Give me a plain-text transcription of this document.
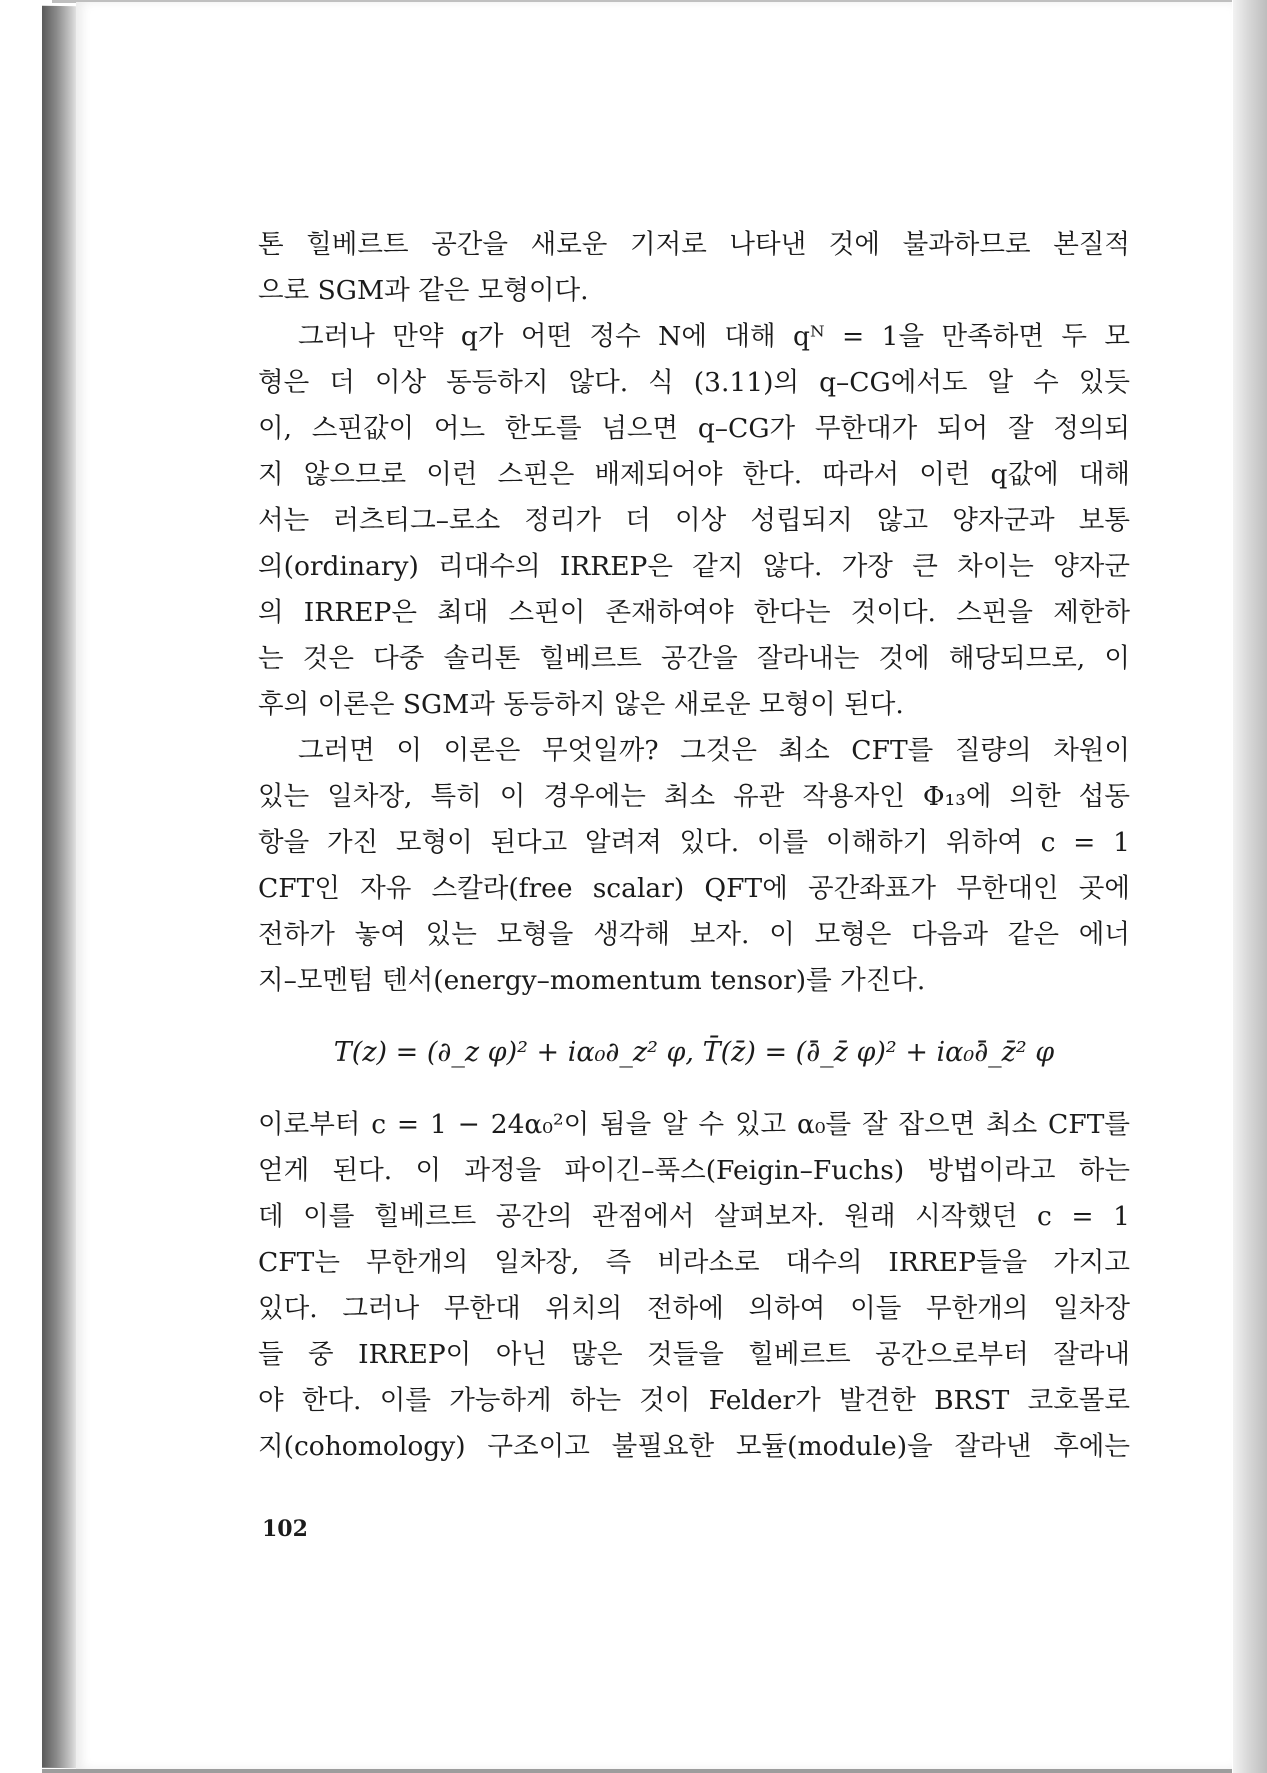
톤 힐베르트 공간을 새로운 기저로 나타낸 것에 불과하므로 본질적
으로 SGM과 같은 모형이다.
그러나 만약 q가 어떤 정수 N에 대해 qᴺ = 1을 만족하면 두 모
형은 더 이상 동등하지 않다. 식 (3.11)의 q–CG에서도 알 수 있듯
이, 스핀값이 어느 한도를 넘으면 q–CG가 무한대가 되어 잘 정의되
지 않으므로 이런 스핀은 배제되어야 한다. 따라서 이런 q값에 대해
서는 러츠티그–로소 정리가 더 이상 성립되지 않고 양자군과 보통
의(ordinary) 리대수의 IRREP은 같지 않다. 가장 큰 차이는 양자군
의 IRREP은 최대 스핀이 존재하여야 한다는 것이다. 스핀을 제한하
는 것은 다중 솔리톤 힐베르트 공간을 잘라내는 것에 해당되므로, 이
후의 이론은 SGM과 동등하지 않은 새로운 모형이 된다.
그러면 이 이론은 무엇일까? 그것은 최소 CFT를 질량의 차원이
있는 일차장, 특히 이 경우에는 최소 유관 작용자인 Φ₁₃에 의한 섭동
항을 가진 모형이 된다고 알려져 있다. 이를 이해하기 위하여 c = 1
CFT인 자유 스칼라(free scalar) QFT에 공간좌표가 무한대인 곳에
전하가 놓여 있는 모형을 생각해 보자. 이 모형은 다음과 같은 에너
지–모멘텀 텐서(energy–momentum tensor)를 가진다.
T(z) = (∂_z φ)² + iα₀∂_z² φ, T̄(z̄) = (∂̄_z̄ φ)² + iα₀∂̄_z̄² φ
이로부터 c = 1 − 24α₀²이 됨을 알 수 있고 α₀를 잘 잡으면 최소 CFT를
얻게 된다. 이 과정을 파이긴–푹스(Feigin–Fuchs) 방법이라고 하는
데 이를 힐베르트 공간의 관점에서 살펴보자. 원래 시작했던 c = 1
CFT는 무한개의 일차장, 즉 비라소로 대수의 IRREP들을 가지고
있다. 그러나 무한대 위치의 전하에 의하여 이들 무한개의 일차장
들 중 IRREP이 아닌 많은 것들을 힐베르트 공간으로부터 잘라내
야 한다. 이를 가능하게 하는 것이 Felder가 발견한 BRST 코호몰로
지(cohomology) 구조이고 불필요한 모듈(module)을 잘라낸 후에는
102
